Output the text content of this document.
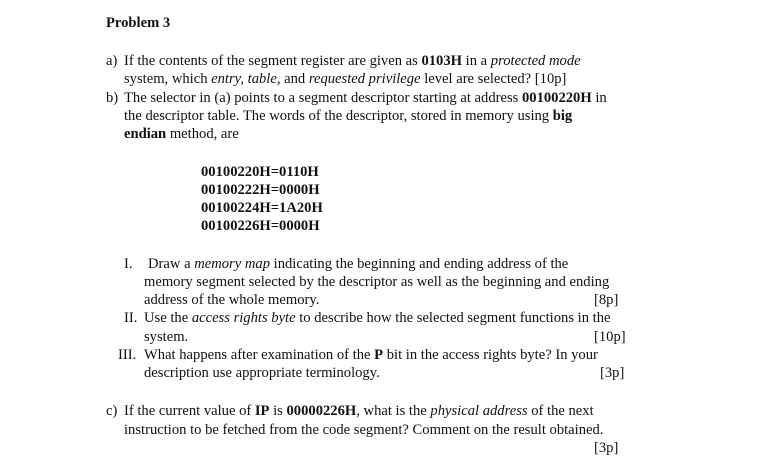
Problem 3
a) If the contents of the segment register are given as 0103H in a protected mode
system, which entry, table, and requested privilege level are selected? [10p]
b) The selector in (a) points to a segment descriptor starting at address 00100220H in
the descriptor table. The words of the descriptor, stored in memory using big
endian method, are
00100220H=0110H
00100222H=0000H
00100224H=1A20H
00100226H=0000H
I. Draw a memory map indicating the beginning and ending address of the
memory segment selected by the descriptor as well as the beginning and ending
address of the whole memory.	[8p]
II. Use the access rights byte to describe how the selected segment functions in the
system.	[10p]
III. What happens after examination of the P bit in the access rights byte? In your
description use appropriate terminology.	[3p]
c) If the current value of IP is 00000226H, what is the physical address of the next
instruction to be fetched from the code segment? Comment on the result obtained.
[3p]
